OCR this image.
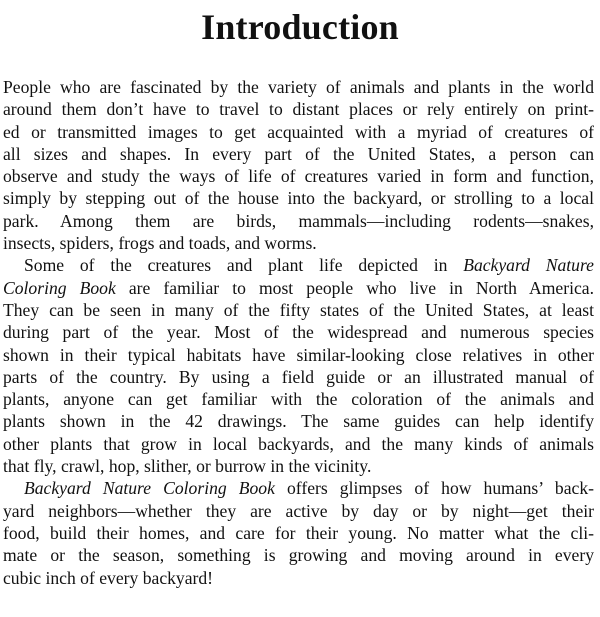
Introduction
People who are fascinated by the variety of animals and plants in the world
around them don’t have to travel to distant places or rely entirely on print-
ed or transmitted images to get acquainted with a myriad of creatures of
all sizes and shapes. In every part of the United States, a person can
observe and study the ways of life of creatures varied in form and function,
simply by stepping out of the house into the backyard, or strolling to a local
park. Among them are birds, mammals—including rodents—snakes,
insects, spiders, frogs and toads, and worms.
Some of the creatures and plant life depicted in Backyard Nature
Coloring Book are familiar to most people who live in North America.
They can be seen in many of the fifty states of the United States, at least
during part of the year. Most of the widespread and numerous species
shown in their typical habitats have similar-looking close relatives in other
parts of the country. By using a field guide or an illustrated manual of
plants, anyone can get familiar with the coloration of the animals and
plants shown in the 42 drawings. The same guides can help identify
other plants that grow in local backyards, and the many kinds of animals
that fly, crawl, hop, slither, or burrow in the vicinity.
Backyard Nature Coloring Book offers glimpses of how humans’ back-
yard neighbors—whether they are active by day or by night—get their
food, build their homes, and care for their young. No matter what the cli-
mate or the season, something is growing and moving around in every
cubic inch of every backyard!
